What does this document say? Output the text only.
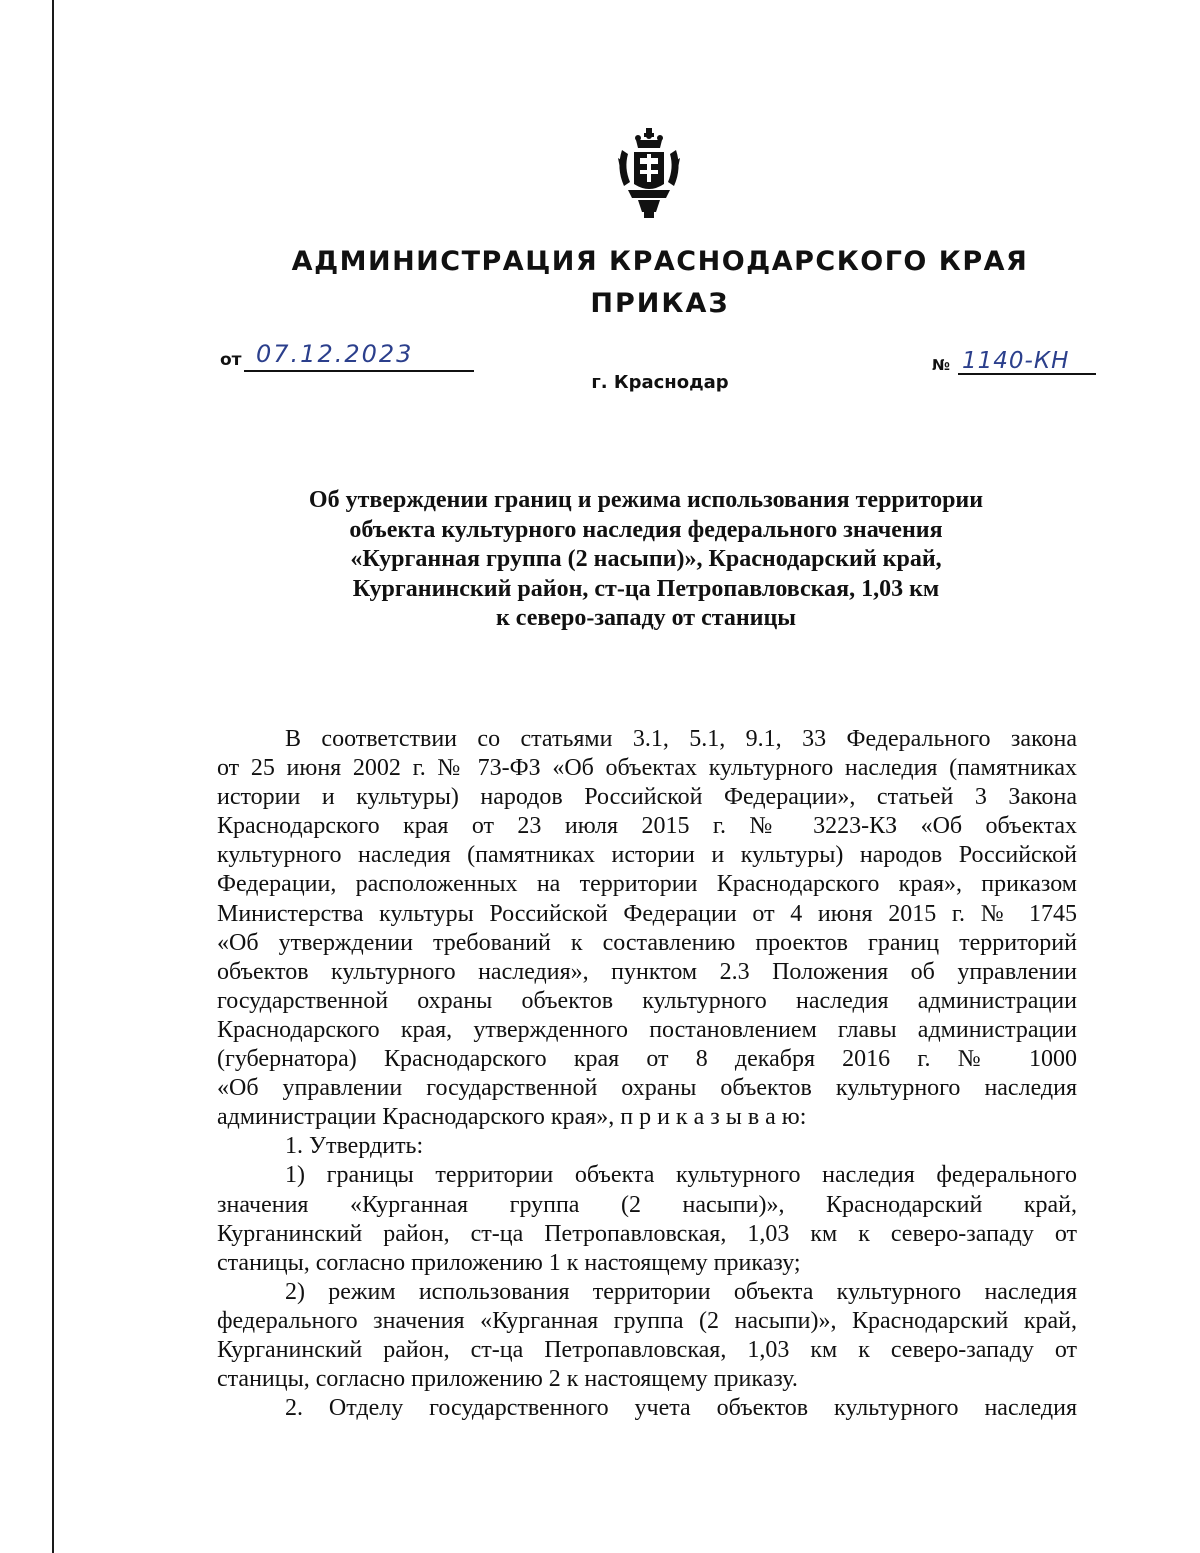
АДМИНИСТРАЦИЯ КРАСНОДАРСКОГО КРАЯ
ПРИКАЗ
от 07.12.2023
г. Краснодар
№ 1140-КН
Об утверждении границ и режима использования территории
объекта культурного наследия федерального значения
«Курганная группа (2 насыпи)», Краснодарский край,
Курганинский район, ст-ца Петропавловская, 1,03 км
к северо-западу от станицы
В соответствии со статьями 3.1, 5.1, 9.1, 33 Федерального закона
от 25 июня 2002 г. № 73-ФЗ «Об объектах культурного наследия (памятниках
истории и культуры) народов Российской Федерации», статьей 3 Закона
Краснодарского края от 23 июля 2015 г. № 3223-КЗ «Об объектах
культурного наследия (памятниках истории и культуры) народов Российской
Федерации, расположенных на территории Краснодарского края», приказом
Министерства культуры Российской Федерации от 4 июня 2015 г. № 1745
«Об утверждении требований к составлению проектов границ территорий
объектов культурного наследия», пунктом 2.3 Положения об управлении
государственной охраны объектов культурного наследия администрации
Краснодарского края, утвержденного постановлением главы администрации
(губернатора) Краснодарского края от 8 декабря 2016 г. № 1000
«Об управлении государственной охраны объектов культурного наследия
администрации Краснодарского края», п р и к а з ы в а ю:
1. Утвердить:
1) границы территории объекта культурного наследия федерального
значения «Курганная группа (2 насыпи)», Краснодарский край,
Курганинский район, ст-ца Петропавловская, 1,03 км к северо-западу от
станицы, согласно приложению 1 к настоящему приказу;
2) режим использования территории объекта культурного наследия
федерального значения «Курганная группа (2 насыпи)», Краснодарский край,
Курганинский район, ст-ца Петропавловская, 1,03 км к северо-западу от
станицы, согласно приложению 2 к настоящему приказу.
2. Отделу государственного учета объектов культурного наследия
